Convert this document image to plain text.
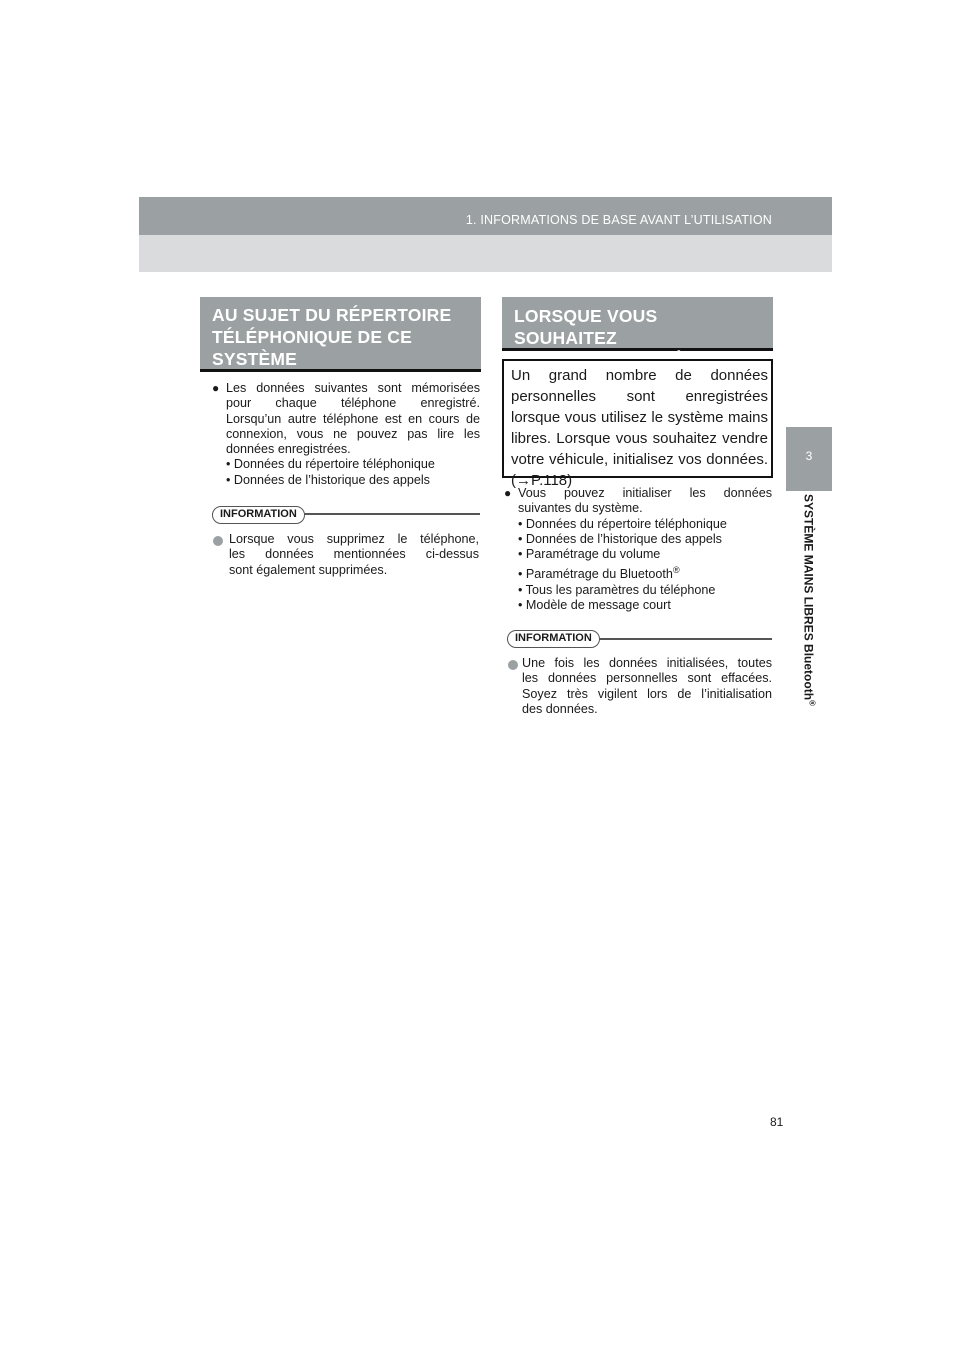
1. INFORMATIONS DE BASE AVANT L’UTILISATION
3
SYSTÈME MAINS LIBRES Bluetooth®
AU SUJET DU RÉPERTOIRE
TÉLÉPHONIQUE DE CE
SYSTÈME
● Les données suivantes sont mémorisées
pour chaque téléphone enregistré.
Lorsqu’un autre téléphone est en cours de
connexion, vous ne pouvez pas lire les
données enregistrées.
• Données du répertoire téléphonique
• Données de l’historique des appels
INFORMATION
Lorsque vous supprimez le téléphone,
les données mentionnées ci-dessus
sont également supprimées.
LORSQUE VOUS SOUHAITEZ
VENDRE VOTRE VÉHICULE
Un grand nombre de données
personnelles sont enregistrées
lorsque vous utilisez le système mains
libres. Lorsque vous souhaitez vendre
votre véhicule, initialisez vos données.
(→P.118)
● Vous pouvez initialiser les données
suivantes du système.
• Données du répertoire téléphonique
• Données de l’historique des appels
• Paramétrage du volume
• Paramétrage du Bluetooth®
• Tous les paramètres du téléphone
• Modèle de message court
INFORMATION
Une fois les données initialisées, toutes
les données personnelles sont effacées.
Soyez très vigilent lors de l’initialisation
des données.
81
